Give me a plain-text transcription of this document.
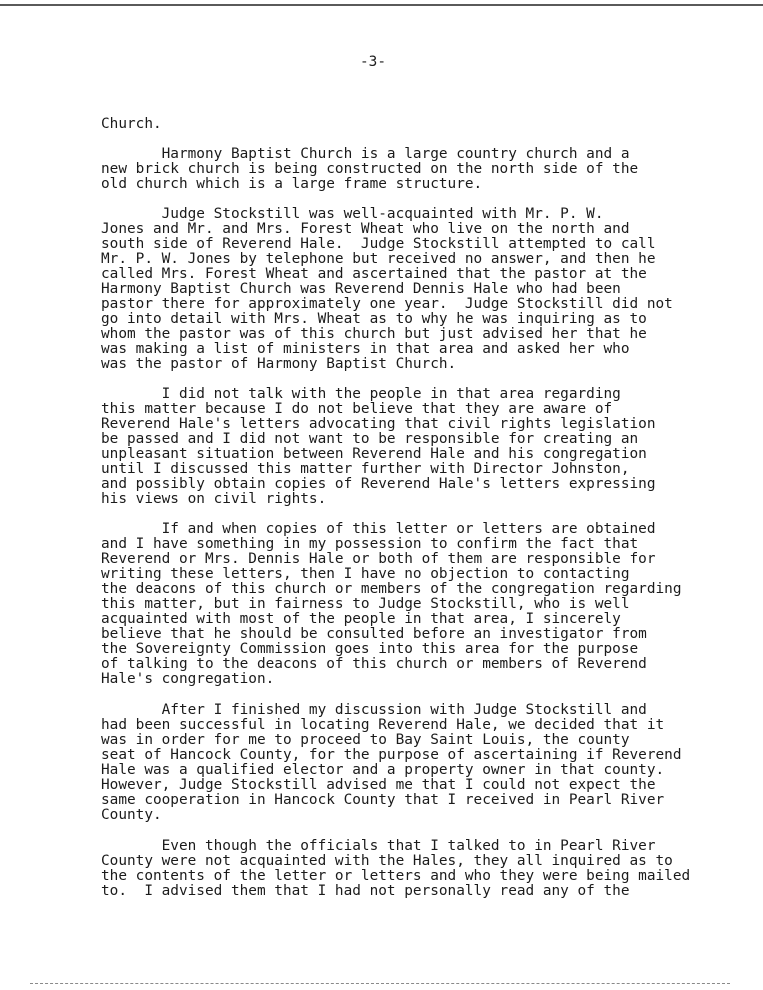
-3-
Church.
Harmony Baptist Church is a large country church and a
new brick church is being constructed on the north side of the
old church which is a large frame structure.
Judge Stockstill was well-acquainted with Mr. P. W.
Jones and Mr. and Mrs. Forest Wheat who live on the north and
south side of Reverend Hale.  Judge Stockstill attempted to call
Mr. P. W. Jones by telephone but received no answer, and then he
called Mrs. Forest Wheat and ascertained that the pastor at the
Harmony Baptist Church was Reverend Dennis Hale who had been
pastor there for approximately one year.  Judge Stockstill did not
go into detail with Mrs. Wheat as to why he was inquiring as to
whom the pastor was of this church but just advised her that he
was making a list of ministers in that area and asked her who
was the pastor of Harmony Baptist Church.
I did not talk with the people in that area regarding
this matter because I do not believe that they are aware of
Reverend Hale's letters advocating that civil rights legislation
be passed and I did not want to be responsible for creating an
unpleasant situation between Reverend Hale and his congregation
until I discussed this matter further with Director Johnston,
and possibly obtain copies of Reverend Hale's letters expressing
his views on civil rights.
If and when copies of this letter or letters are obtained
and I have something in my possession to confirm the fact that
Reverend or Mrs. Dennis Hale or both of them are responsible for
writing these letters, then I have no objection to contacting
the deacons of this church or members of the congregation regarding
this matter, but in fairness to Judge Stockstill, who is well
acquainted with most of the people in that area, I sincerely
believe that he should be consulted before an investigator from
the Sovereignty Commission goes into this area for the purpose
of talking to the deacons of this church or members of Reverend
Hale's congregation.
After I finished my discussion with Judge Stockstill and
had been successful in locating Reverend Hale, we decided that it
was in order for me to proceed to Bay Saint Louis, the county
seat of Hancock County, for the purpose of ascertaining if Reverend
Hale was a qualified elector and a property owner in that county.
However, Judge Stockstill advised me that I could not expect the
same cooperation in Hancock County that I received in Pearl River
County.
Even though the officials that I talked to in Pearl River
County were not acquainted with the Hales, they all inquired as to
the contents of the letter or letters and who they were being mailed
to.  I advised them that I had not personally read any of the
